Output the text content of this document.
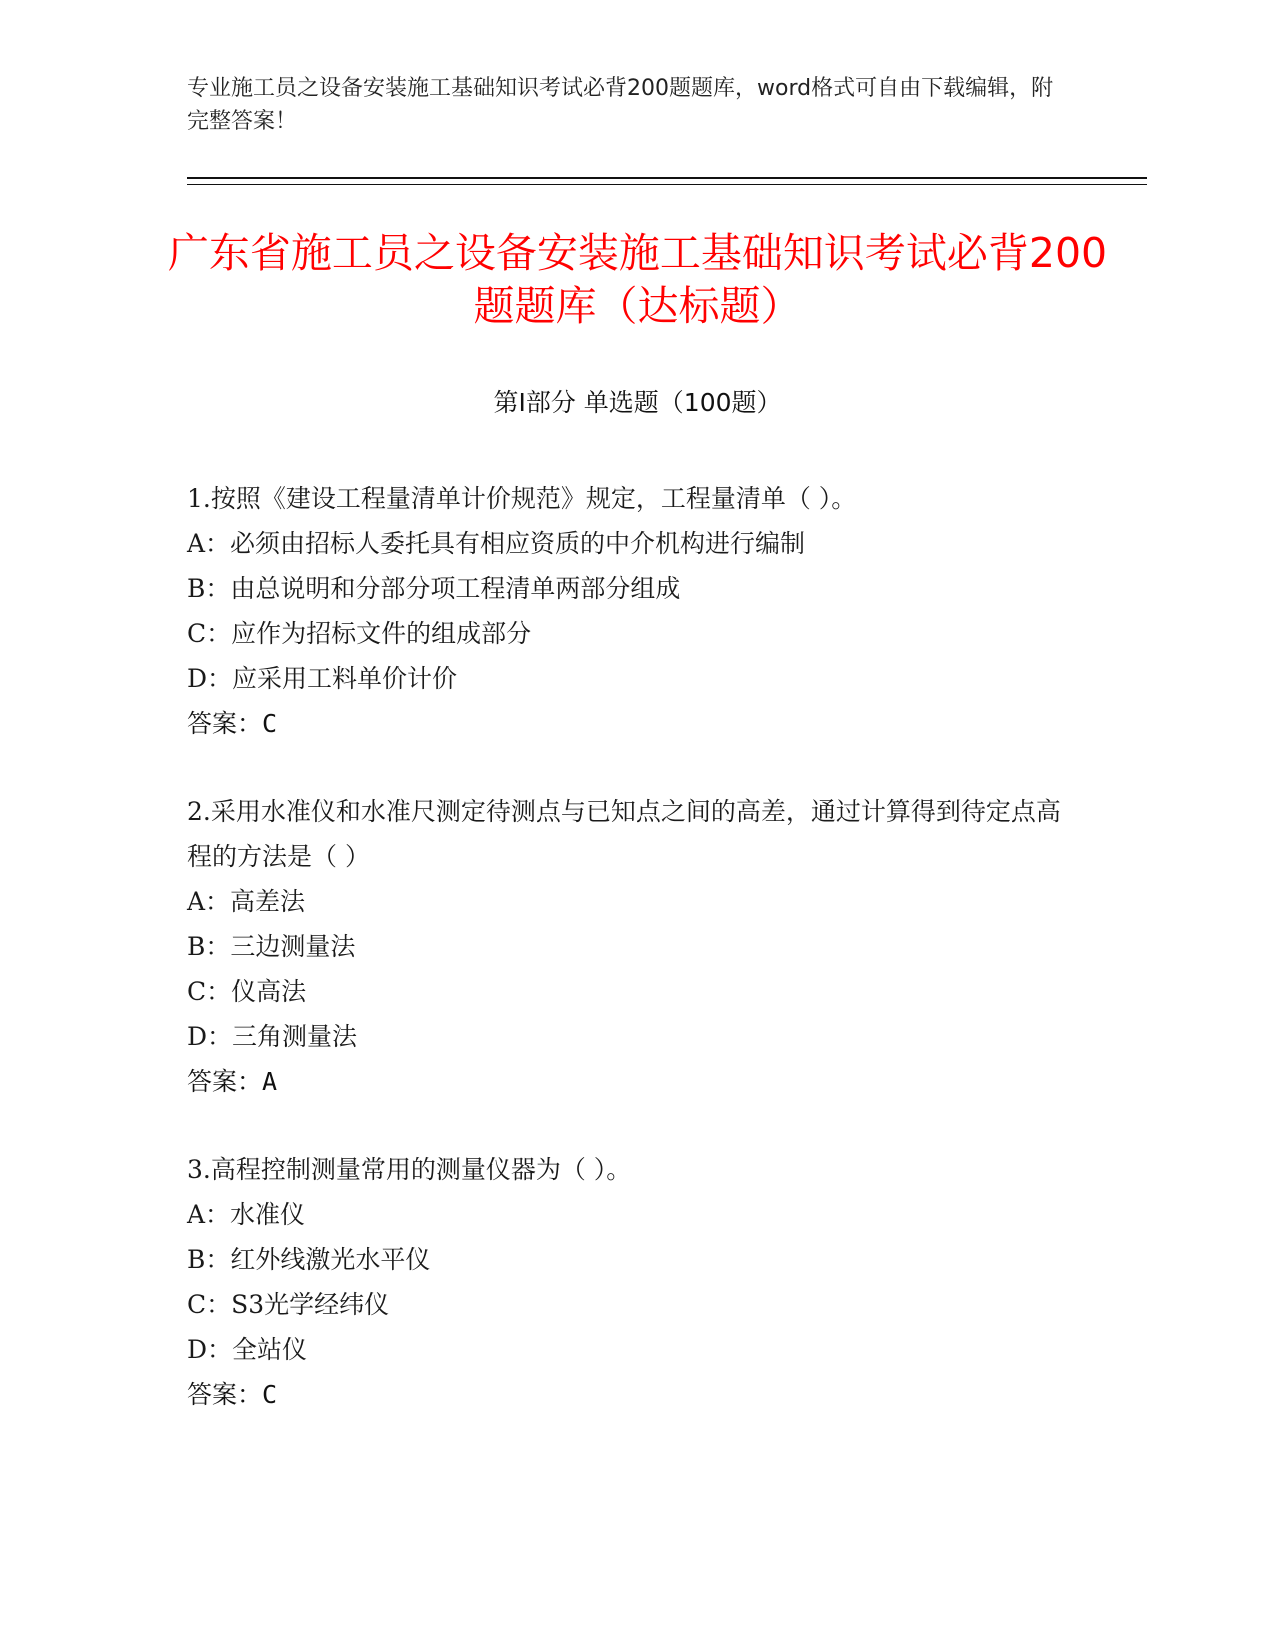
专业施工员之设备安装施工基础知识考试必背200题题库，word格式可自由下载编辑，附完整答案！
广东省施工员之设备安装施工基础知识考试必背200题题库（达标题）
第I部分 单选题（100题）
1.按照《建设工程量清单计价规范》规定，工程量清单（ ）。
A：必须由招标人委托具有相应资质的中介机构进行编制
B：由总说明和分部分项工程清单两部分组成
C：应作为招标文件的组成部分
D：应采用工料单价计价
答案：C
2.采用水准仪和水准尺测定待测点与已知点之间的高差，通过计算得到待定点高程的方法是（ ）
A：高差法
B：三边测量法
C：仪高法
D：三角测量法
答案：A
3.高程控制测量常用的测量仪器为（ ）。
A：水准仪
B：红外线激光水平仪
C：S3光学经纬仪
D：全站仪
答案：C
